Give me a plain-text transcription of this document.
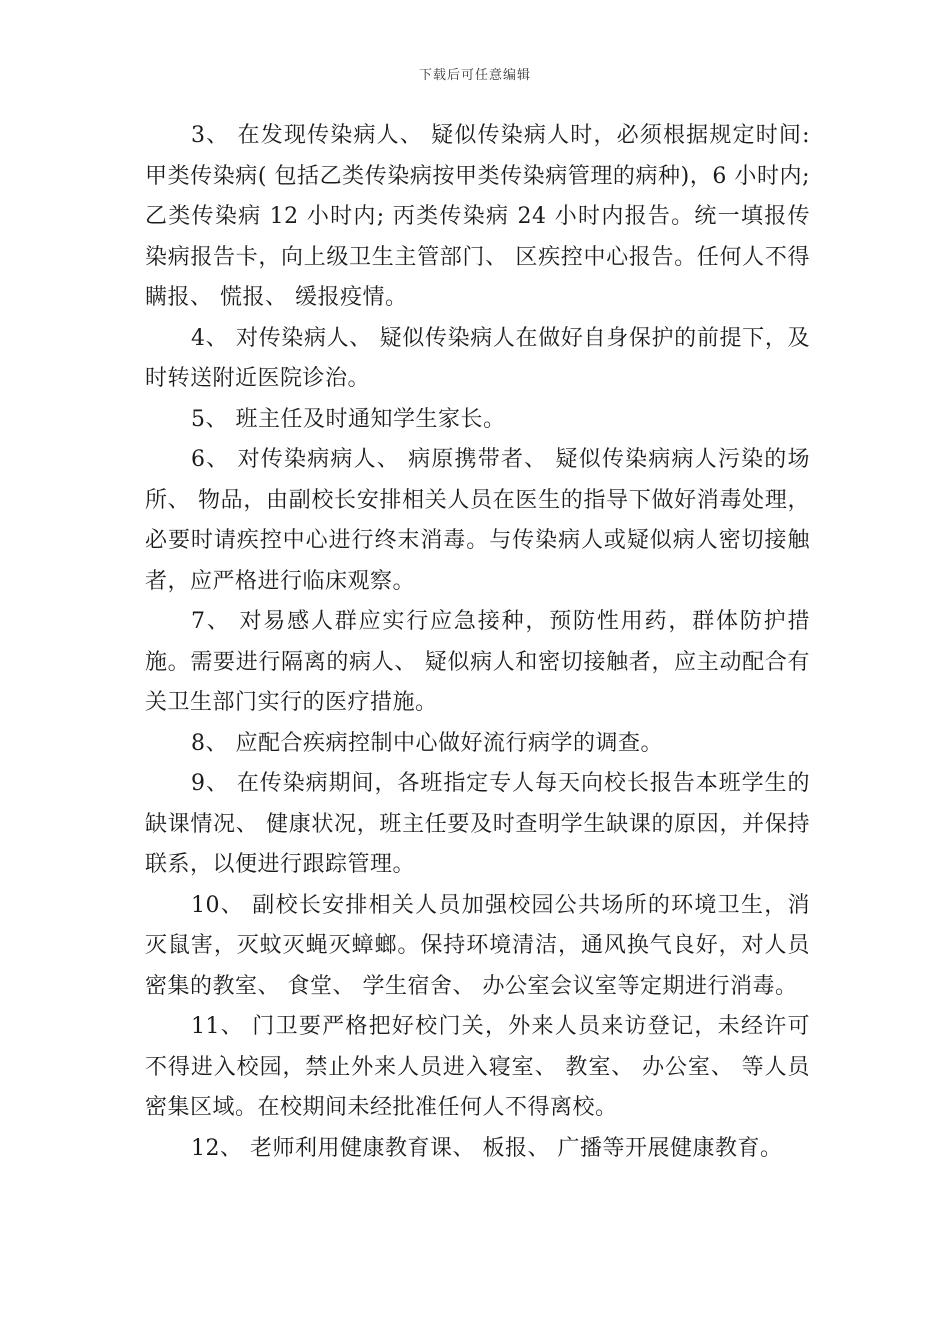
下载后可任意编辑

3、 在发现传染病人、 疑似传染病人时，必须根据规定时间: 甲类传染病( 包括乙类传染病按甲类传染病管理的病种)，6 小时内; 乙类传染病 12 小时内; 丙类传染病 24 小时内报告。统一填报传染病报告卡，向上级卫生主管部门、 区疾控中心报告。任何人不得瞒报、 慌报、 缓报疫情。

4、 对传染病人、 疑似传染病人在做好自身保护的前提下，及时转送附近医院诊治。

5、 班主任及时通知学生家长。

6、 对传染病病人、 病原携带者、 疑似传染病病人污染的场所、 物品，由副校长安排相关人员在医生的指导下做好消毒处理，必要时请疾控中心进行终末消毒。与传染病人或疑似病人密切接触者，应严格进行临床观察。

7、 对易感人群应实行应急接种，预防性用药，群体防护措施。需要进行隔离的病人、 疑似病人和密切接触者，应主动配合有关卫生部门实行的医疗措施。

8、 应配合疾病控制中心做好流行病学的调查。

9、 在传染病期间，各班指定专人每天向校长报告本班学生的缺课情况、 健康状况，班主任要及时查明学生缺课的原因，并保持联系，以便进行跟踪管理。

10、 副校长安排相关人员加强校园公共场所的环境卫生，消灭鼠害，灭蚊灭蝇灭蟑螂。保持环境清洁，通风换气良好，对人员密集的教室、 食堂、 学生宿舍、 办公室会议室等定期进行消毒。

11、 门卫要严格把好校门关，外来人员来访登记，未经许可不得进入校园，禁止外来人员进入寝室、 教室、 办公室、 等人员密集区域。在校期间未经批准任何人不得离校。

12、 老师利用健康教育课、 板报、 广播等开展健康教育。
